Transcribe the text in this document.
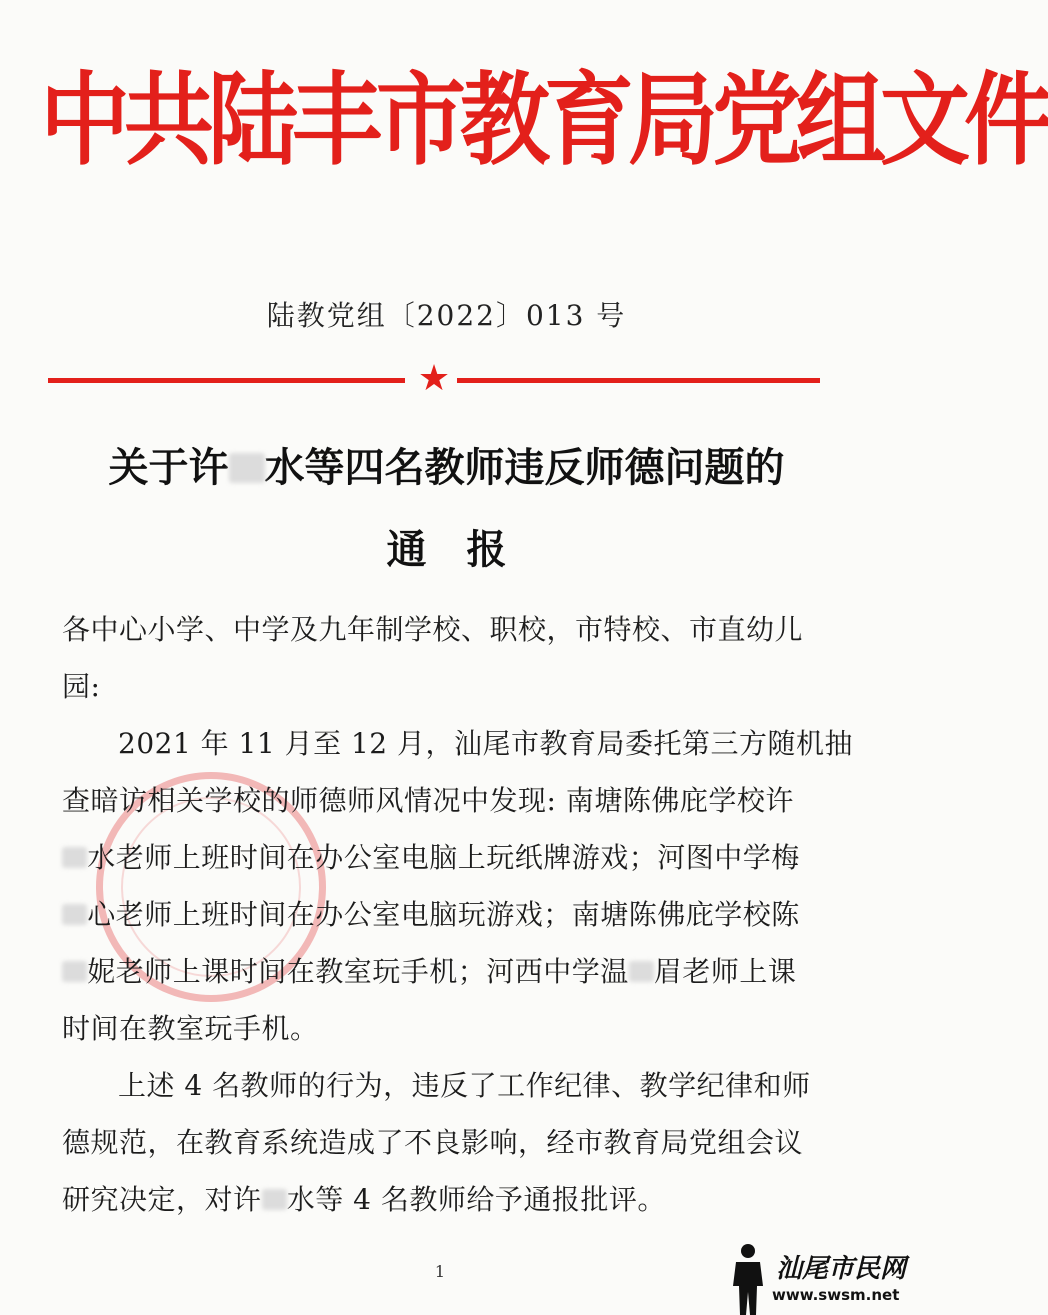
中共陆丰市教育局党组文件
陆教党组〔2022〕013 号
★
关于许 水等四名教师违反师德问题的
通报
各中心小学、中学及九年制学校、职校，市特校、市直幼儿
园:
2021 年 11 月至 12 月，汕尾市教育局委托第三方随机抽
查暗访相关学校的师德师风情况中发现: 南塘陈佛庇学校许
水老师上班时间在办公室电脑上玩纸牌游戏；河图中学梅
心老师上班时间在办公室电脑玩游戏；南塘陈佛庇学校陈
妮老师上课时间在教室玩手机；河西中学温 眉老师上课
时间在教室玩手机。
上述 4 名教师的行为，违反了工作纪律、教学纪律和师
德规范，在教育系统造成了不良影响，经市教育局党组会议
研究决定，对许 水等 4 名教师给予通报批评。
1	汕尾市民网
www.swsm.net
